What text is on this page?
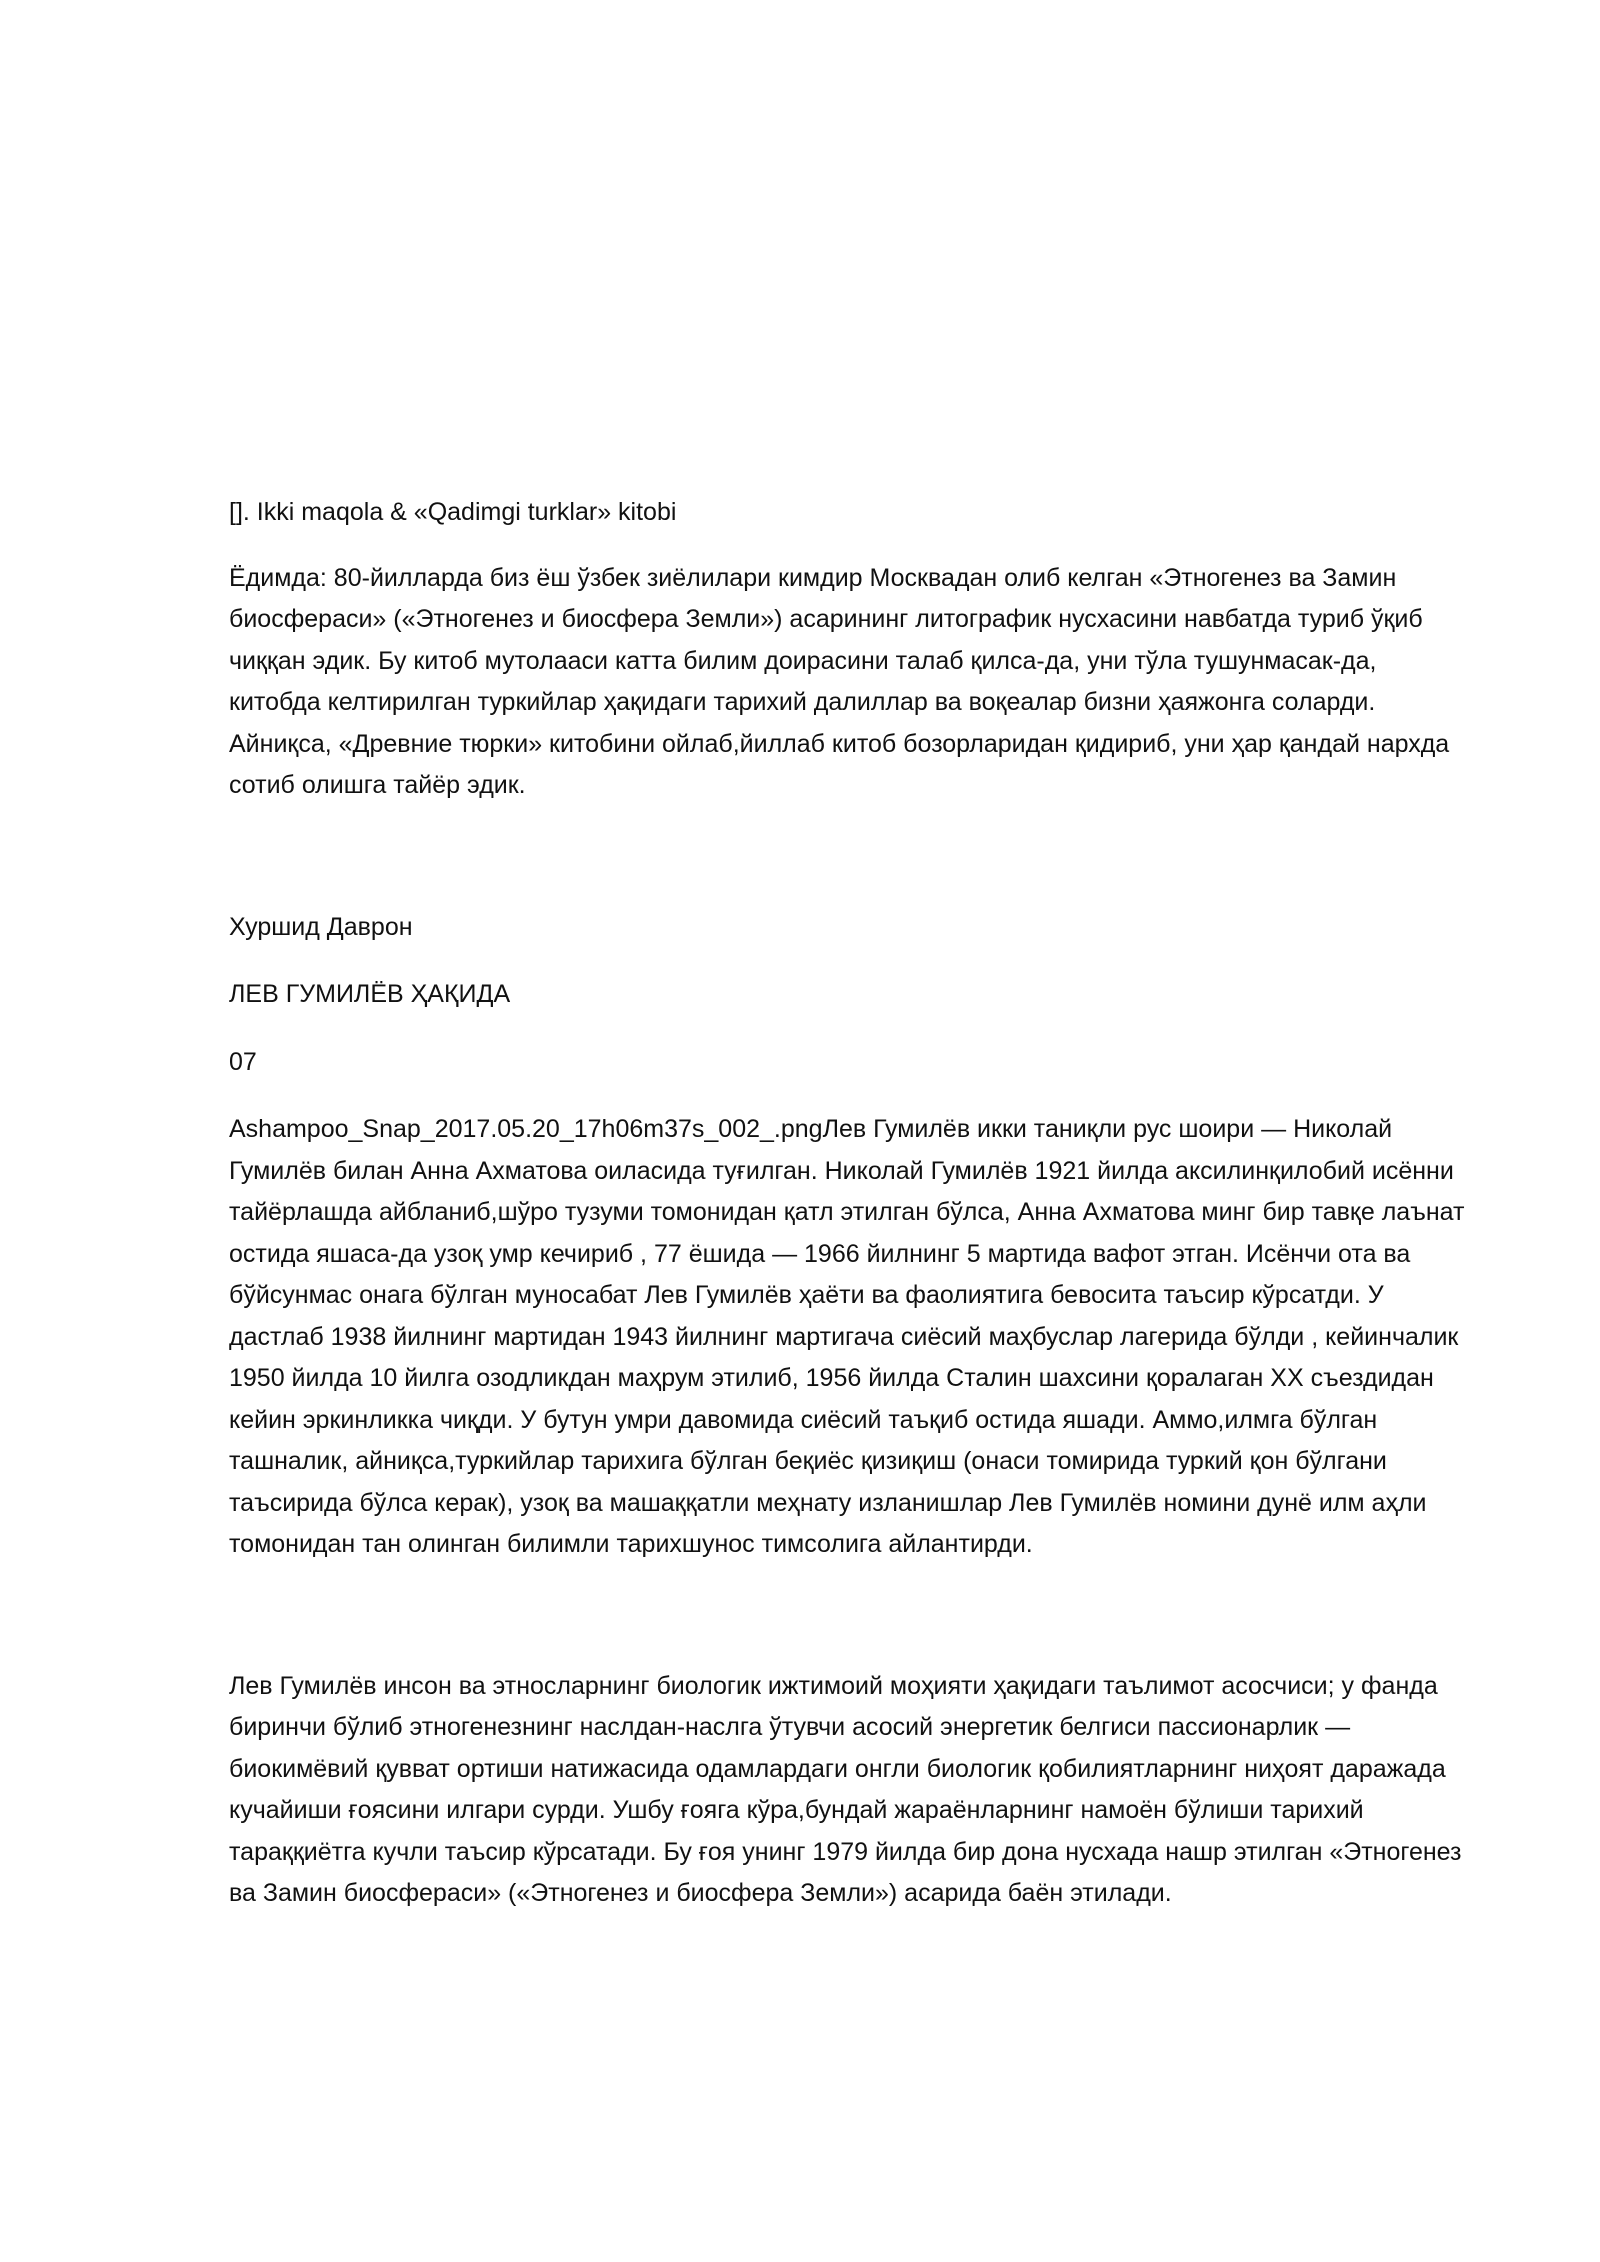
[]. Ikki maqola & «Qadimgi turklar» kitobi

Ёдимда: 80-йилларда биз ёш ўзбек зиёлилари кимдир Москвадан олиб келган «Этногенез ва Замин биосфераси» («Этногенез и биосфера Земли») асарининг литографик нусхасини навбатда туриб ўқиб чиққан эдик. Бу китоб мутолааси катта билим доирасини талаб қилса-да, уни тўла тушунмасак-да, китобда келтирилган туркийлар ҳақидаги тарихий далиллар ва воқеалар бизни ҳаяжонга соларди. Айниқса, «Древние тюрки» китобини ойлаб,йиллаб китоб бозорларидан қидириб, уни ҳар қандай нархда сотиб олишга тайёр эдик.

Хуршид Даврон

ЛЕВ ГУМИЛЁВ ҲАҚИДА

07

Ashampoo_Snap_2017.05.20_17h06m37s_002_.pngЛев Гумилёв икки таниқли рус шоири — Николай Гумилёв билан Анна Ахматова оиласида туғилган. Николай Гумилёв 1921 йилда аксилинқилобий исённи тайёрлашда айбланиб,шўро тузуми томонидан қатл этилган бўлса, Анна Ахматова минг бир тавқе лаънат остида яшаса-да узоқ умр кечириб , 77 ёшида — 1966 йилнинг 5 мартида вафот этган. Исёнчи ота ва бўйсунмас онага бўлган муносабат Лев Гумилёв ҳаёти ва фаолиятига бевосита таъсир кўрсатди. У дастлаб 1938 йилнинг мартидан 1943 йилнинг мартигача сиёсий маҳбуслар лагерида бўлди , кейинчалик 1950 йилда 10 йилга озодликдан маҳрум этилиб, 1956 йилда Сталин шахсини қоралаган ХХ съездидан кейин эркинликка чиқди. У бутун умри давомида сиёсий таъқиб остида яшади. Аммо,илмга бўлган ташналик, айниқса,туркийлар тарихига бўлган беқиёс қизиқиш (онаси томирида туркий қон бўлгани таъсирида бўлса керак), узоқ ва машаққатли меҳнату изланишлар Лев Гумилёв номини дунё илм аҳли томонидан тан олинган билимли тарихшунос тимсолига айлантирди.

Лев Гумилёв инсон ва этносларнинг биологик ижтимоий моҳияти ҳақидаги таълимот асосчиси; у фанда биринчи бўлиб этногенезнинг наслдан-наслга ўтувчи асосий энергетик белгиси пассионарлик — биокимёвий қувват ортиши натижасида одамлардаги онгли биологик қобилиятларнинг ниҳоят даражада кучайиши ғоясини илгари сурди. Ушбу ғояга кўра,бундай жараёнларнинг намоён бўлиши тарихий тараққиётга кучли таъсир кўрсатади. Бу ғоя унинг 1979 йилда бир дона нусхада нашр этилган «Этногенез ва Замин биосфераси» («Этногенез и биосфера Земли») асарида баён этилади.
